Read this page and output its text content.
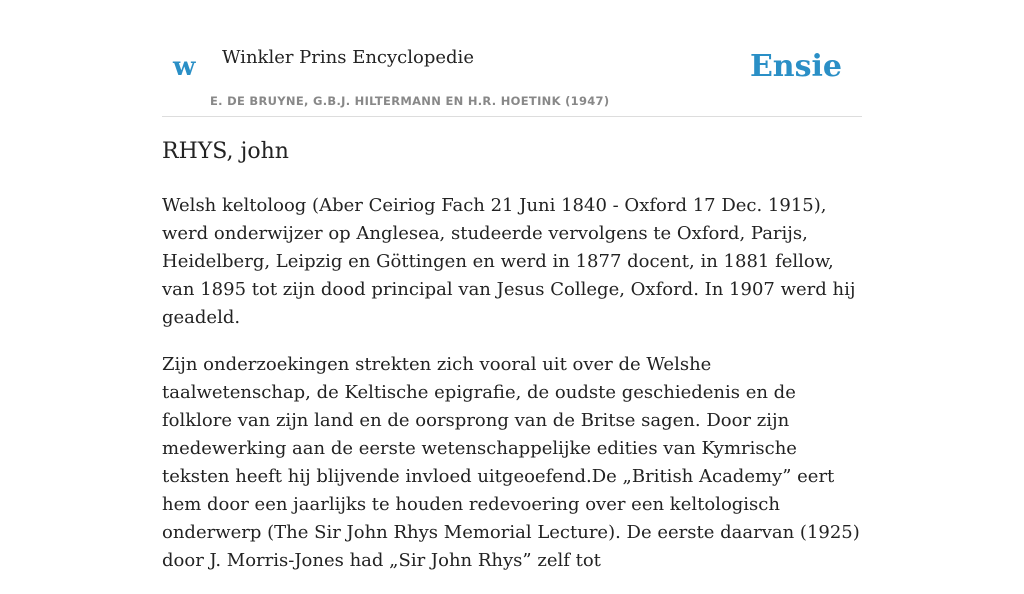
w Winkler Prins Encyclopedie
E. DE BRUYNE, G.B.J. HILTERMANN EN H.R. HOETINK (1947)
Ensie
RHYS, john

Welsh keltoloog (Aber Ceiriog Fach 21 Juni 1840 - Oxford 17 Dec. 1915), werd onderwijzer op Anglesea, studeerde vervolgens te Oxford, Parijs, Heidelberg, Leipzig en Göttingen en werd in 1877 docent, in 1881 fellow, van 1895 tot zijn dood principal van Jesus College, Oxford. In 1907 werd hij geadeld.

Zijn onderzoekingen strekten zich vooral uit over de Welshe taalwetenschap, de Keltische epigrafie, de oudste geschiedenis en de folklore van zijn land en de oorsprong van de Britse sagen. Door zijn medewerking aan de eerste wetenschappelijke edities van Kymrische teksten heeft hij blijvende invloed uitgeoefend.De „British Academy” eert hem door een jaarlijks te houden redevoering over een keltologisch onderwerp (The Sir John Rhys Memorial Lecture). De eerste daarvan (1925) door J. Morris-Jones had „Sir John Rhys” zelf tot
